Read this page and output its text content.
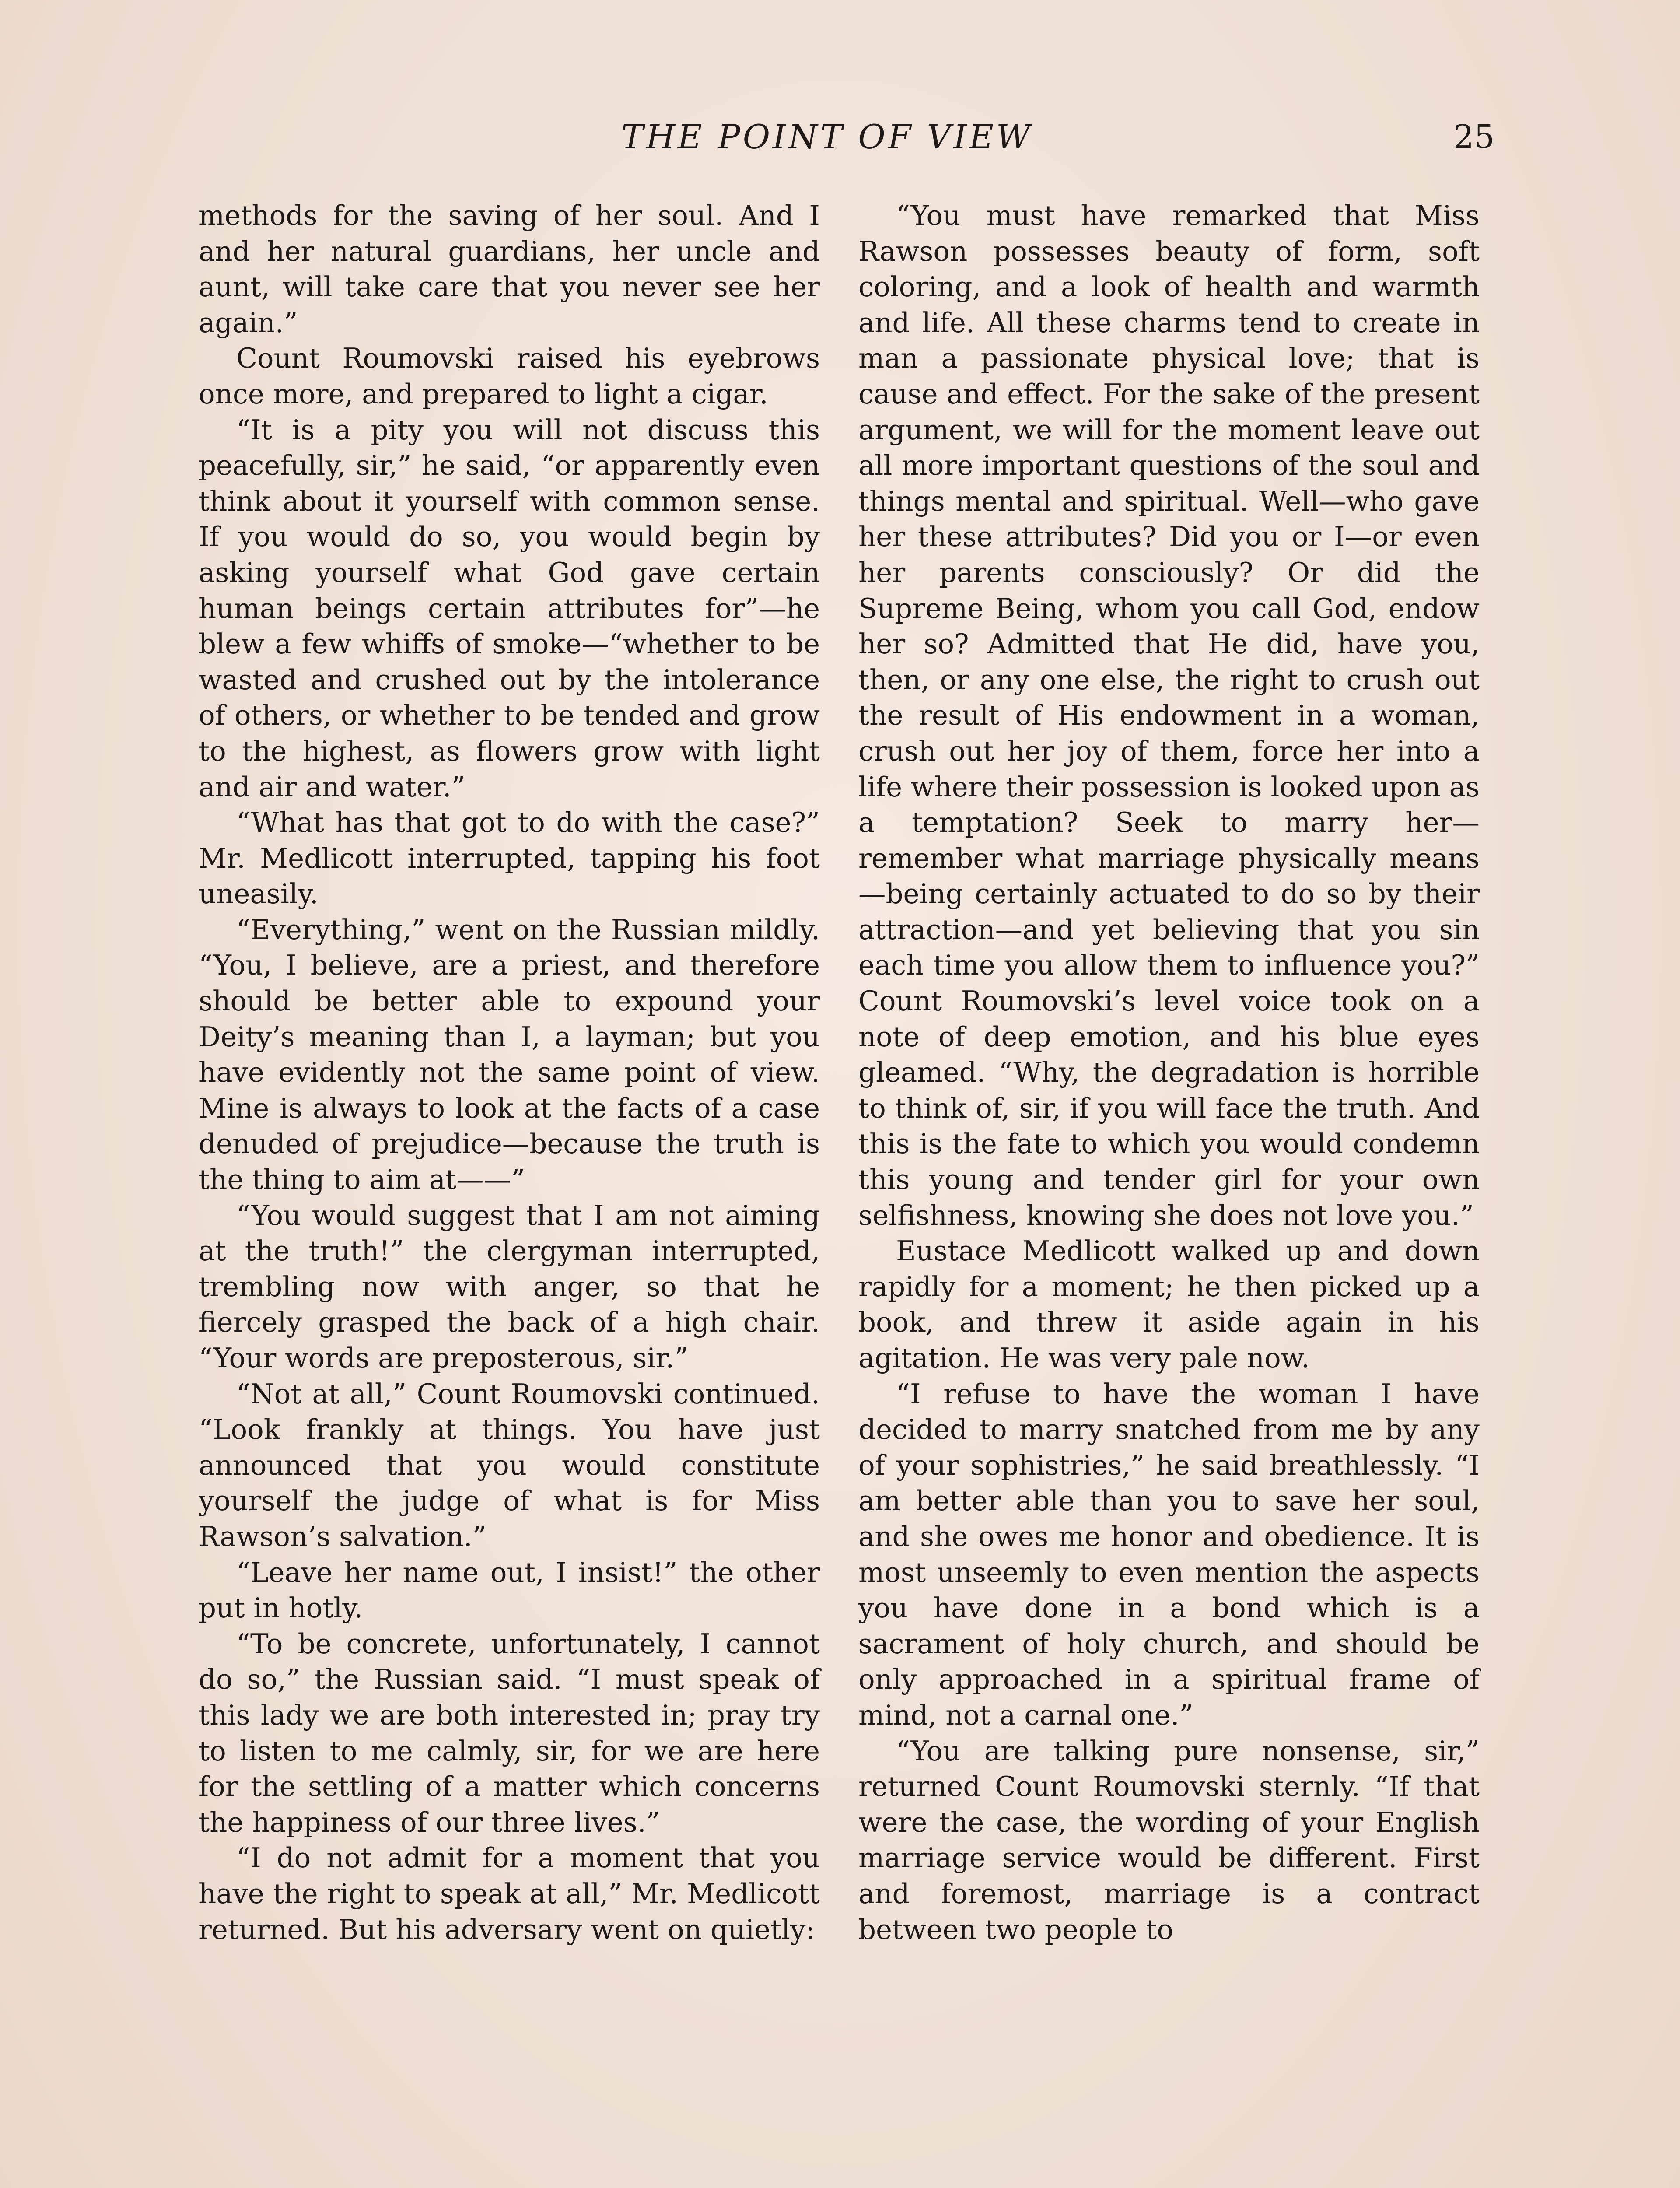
THE POINT OF VIEW	25

methods for the saving of her soul. And I and her natural guardians, her uncle and aunt, will take care that you never see her again.”

Count Roumovski raised his eyebrows once more, and prepared to light a cigar.

“It is a pity you will not discuss this peacefully, sir,” he said, “or apparently even think about it yourself with common sense. If you would do so, you would begin by asking yourself what God gave certain human beings certain attributes for”—he blew a few whiffs of smoke—“whether to be wasted and crushed out by the intolerance of others, or whether to be tended and grow to the highest, as flowers grow with light and air and water.”

“What has that got to do with the case?” Mr. Medlicott interrupted, tapping his foot uneasily.

“Everything,” went on the Russian mildly. “You, I believe, are a priest, and therefore should be better able to expound your Deity’s meaning than I, a layman; but you have evidently not the same point of view. Mine is always to look at the facts of a case denuded of prejudice—because the truth is the thing to aim at——”

“You would suggest that I am not aiming at the truth!” the clergyman interrupted, trembling now with anger, so that he fiercely grasped the back of a high chair. “Your words are preposterous, sir.”

“Not at all,” Count Roumovski continued. “Look frankly at things. You have just announced that you would constitute yourself the judge of what is for Miss Rawson’s salvation.”

“Leave her name out, I insist!” the other put in hotly.

“To be concrete, unfortunately, I cannot do so,” the Russian said. “I must speak of this lady we are both interested in; pray try to listen to me calmly, sir, for we are here for the settling of a matter which concerns the happiness of our three lives.”

“I do not admit for a moment that you have the right to speak at all,” Mr. Medlicott returned. But his adversary went on quietly:

“You must have remarked that Miss Rawson possesses beauty of form, soft coloring, and a look of health and warmth and life. All these charms tend to create in man a passionate physical love; that is cause and effect. For the sake of the present argument, we will for the moment leave out all more important questions of the soul and things mental and spiritual. Well—who gave her these attributes? Did you or I—or even her parents consciously? Or did the Supreme Being, whom you call God, endow her so? Admitted that He did, have you, then, or any one else, the right to crush out the result of His endowment in a woman, crush out her joy of them, force her into a life where their possession is looked upon as a temptation? Seek to marry her—remember what marriage physically means—being certainly actuated to do so by their attraction—and yet believing that you sin each time you allow them to influence you?” Count Roumovski’s level voice took on a note of deep emotion, and his blue eyes gleamed. “Why, the degradation is horrible to think of, sir, if you will face the truth. And this is the fate to which you would condemn this young and tender girl for your own selfishness, knowing she does not love you.”

Eustace Medlicott walked up and down rapidly for a moment; he then picked up a book, and threw it aside again in his agitation. He was very pale now.

“I refuse to have the woman I have decided to marry snatched from me by any of your sophistries,” he said breathlessly. “I am better able than you to save her soul, and she owes me honor and obedience. It is most unseemly to even mention the aspects you have done in a bond which is a sacrament of holy church, and should be only approached in a spiritual frame of mind, not a carnal one.”

“You are talking pure nonsense, sir,” returned Count Roumovski sternly. “If that were the case, the wording of your English marriage service would be different. First and foremost, marriage is a contract between two people to
